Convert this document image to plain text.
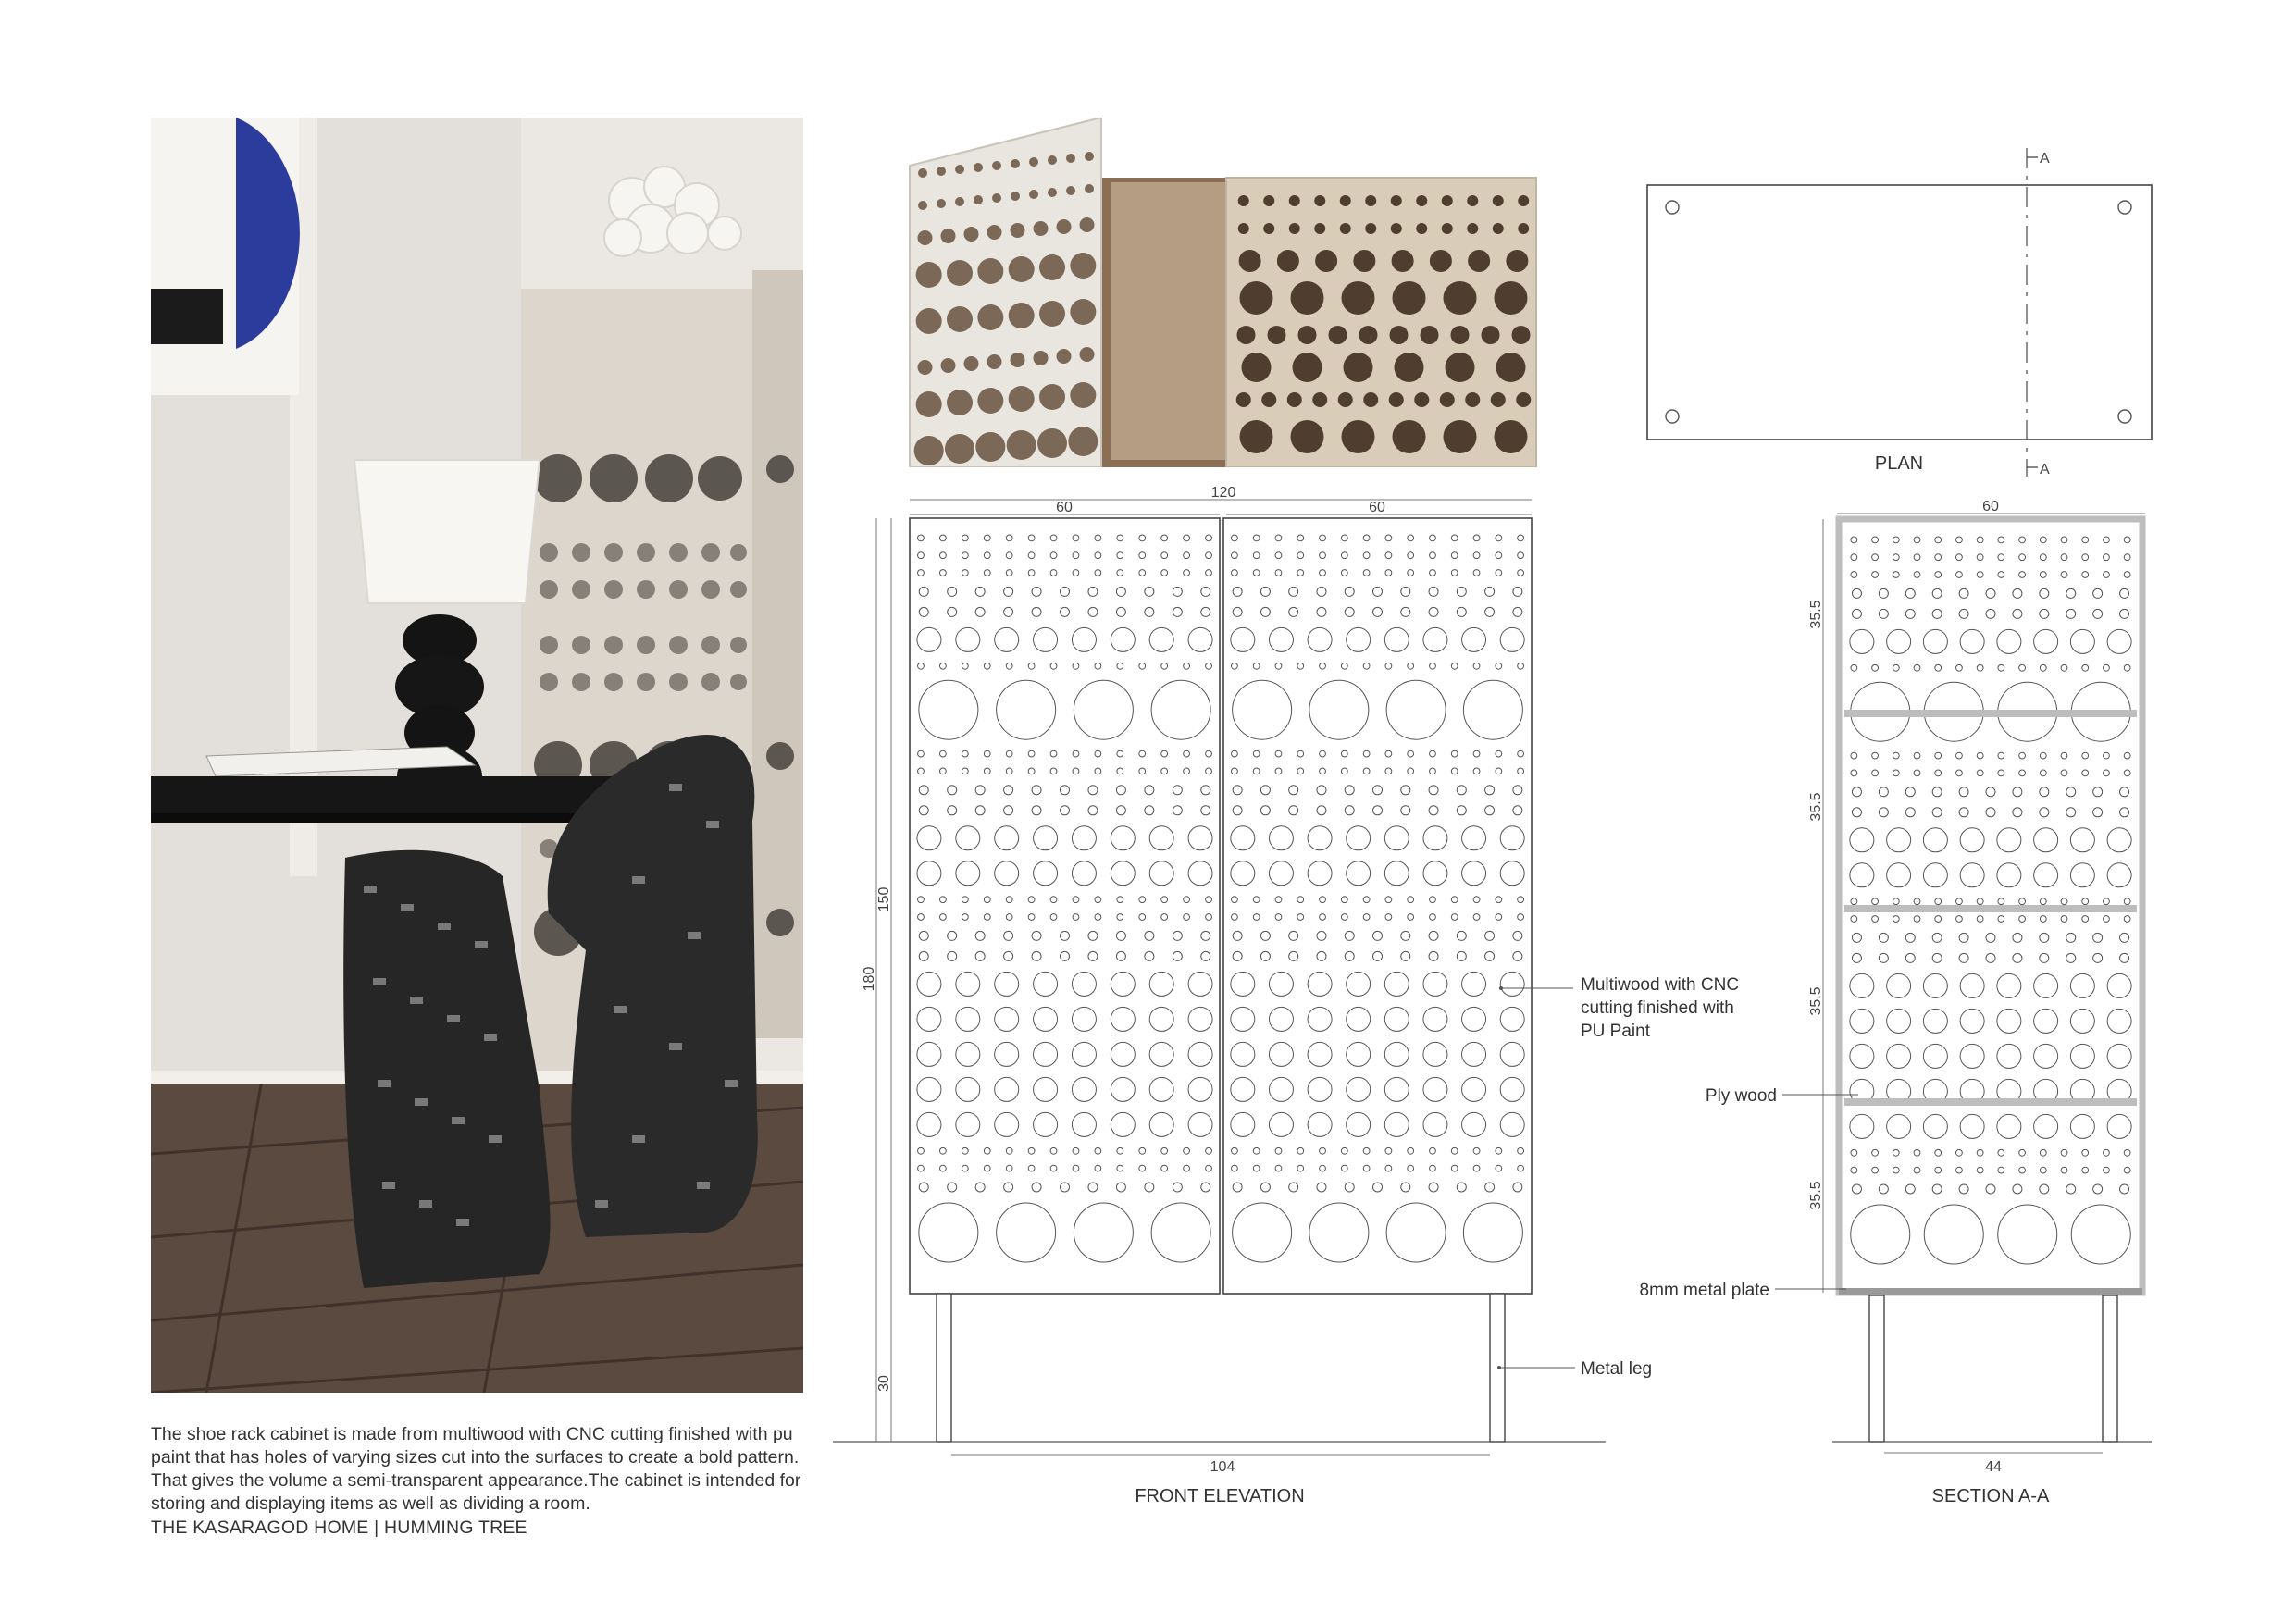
The shoe rack cabinet is made from multiwood with CNC cutting finished with pu paint that has holes of varying sizes cut into the surfaces to create a bold pattern. That gives the volume a semi-transparent appearance.The cabinet is intended for storing and displaying items as well as dividing a room.

THE KASARAGOD HOME | HUMMING TREE
A
A
PLAN
120
60	60
180
150
30
104
Multiwood with CNC cutting finished with PU Paint
Metal leg
FRONT ELEVATION
60
35.5
35.5
35.5
35.5
44
Ply wood
8mm metal plate
SECTION A-A
